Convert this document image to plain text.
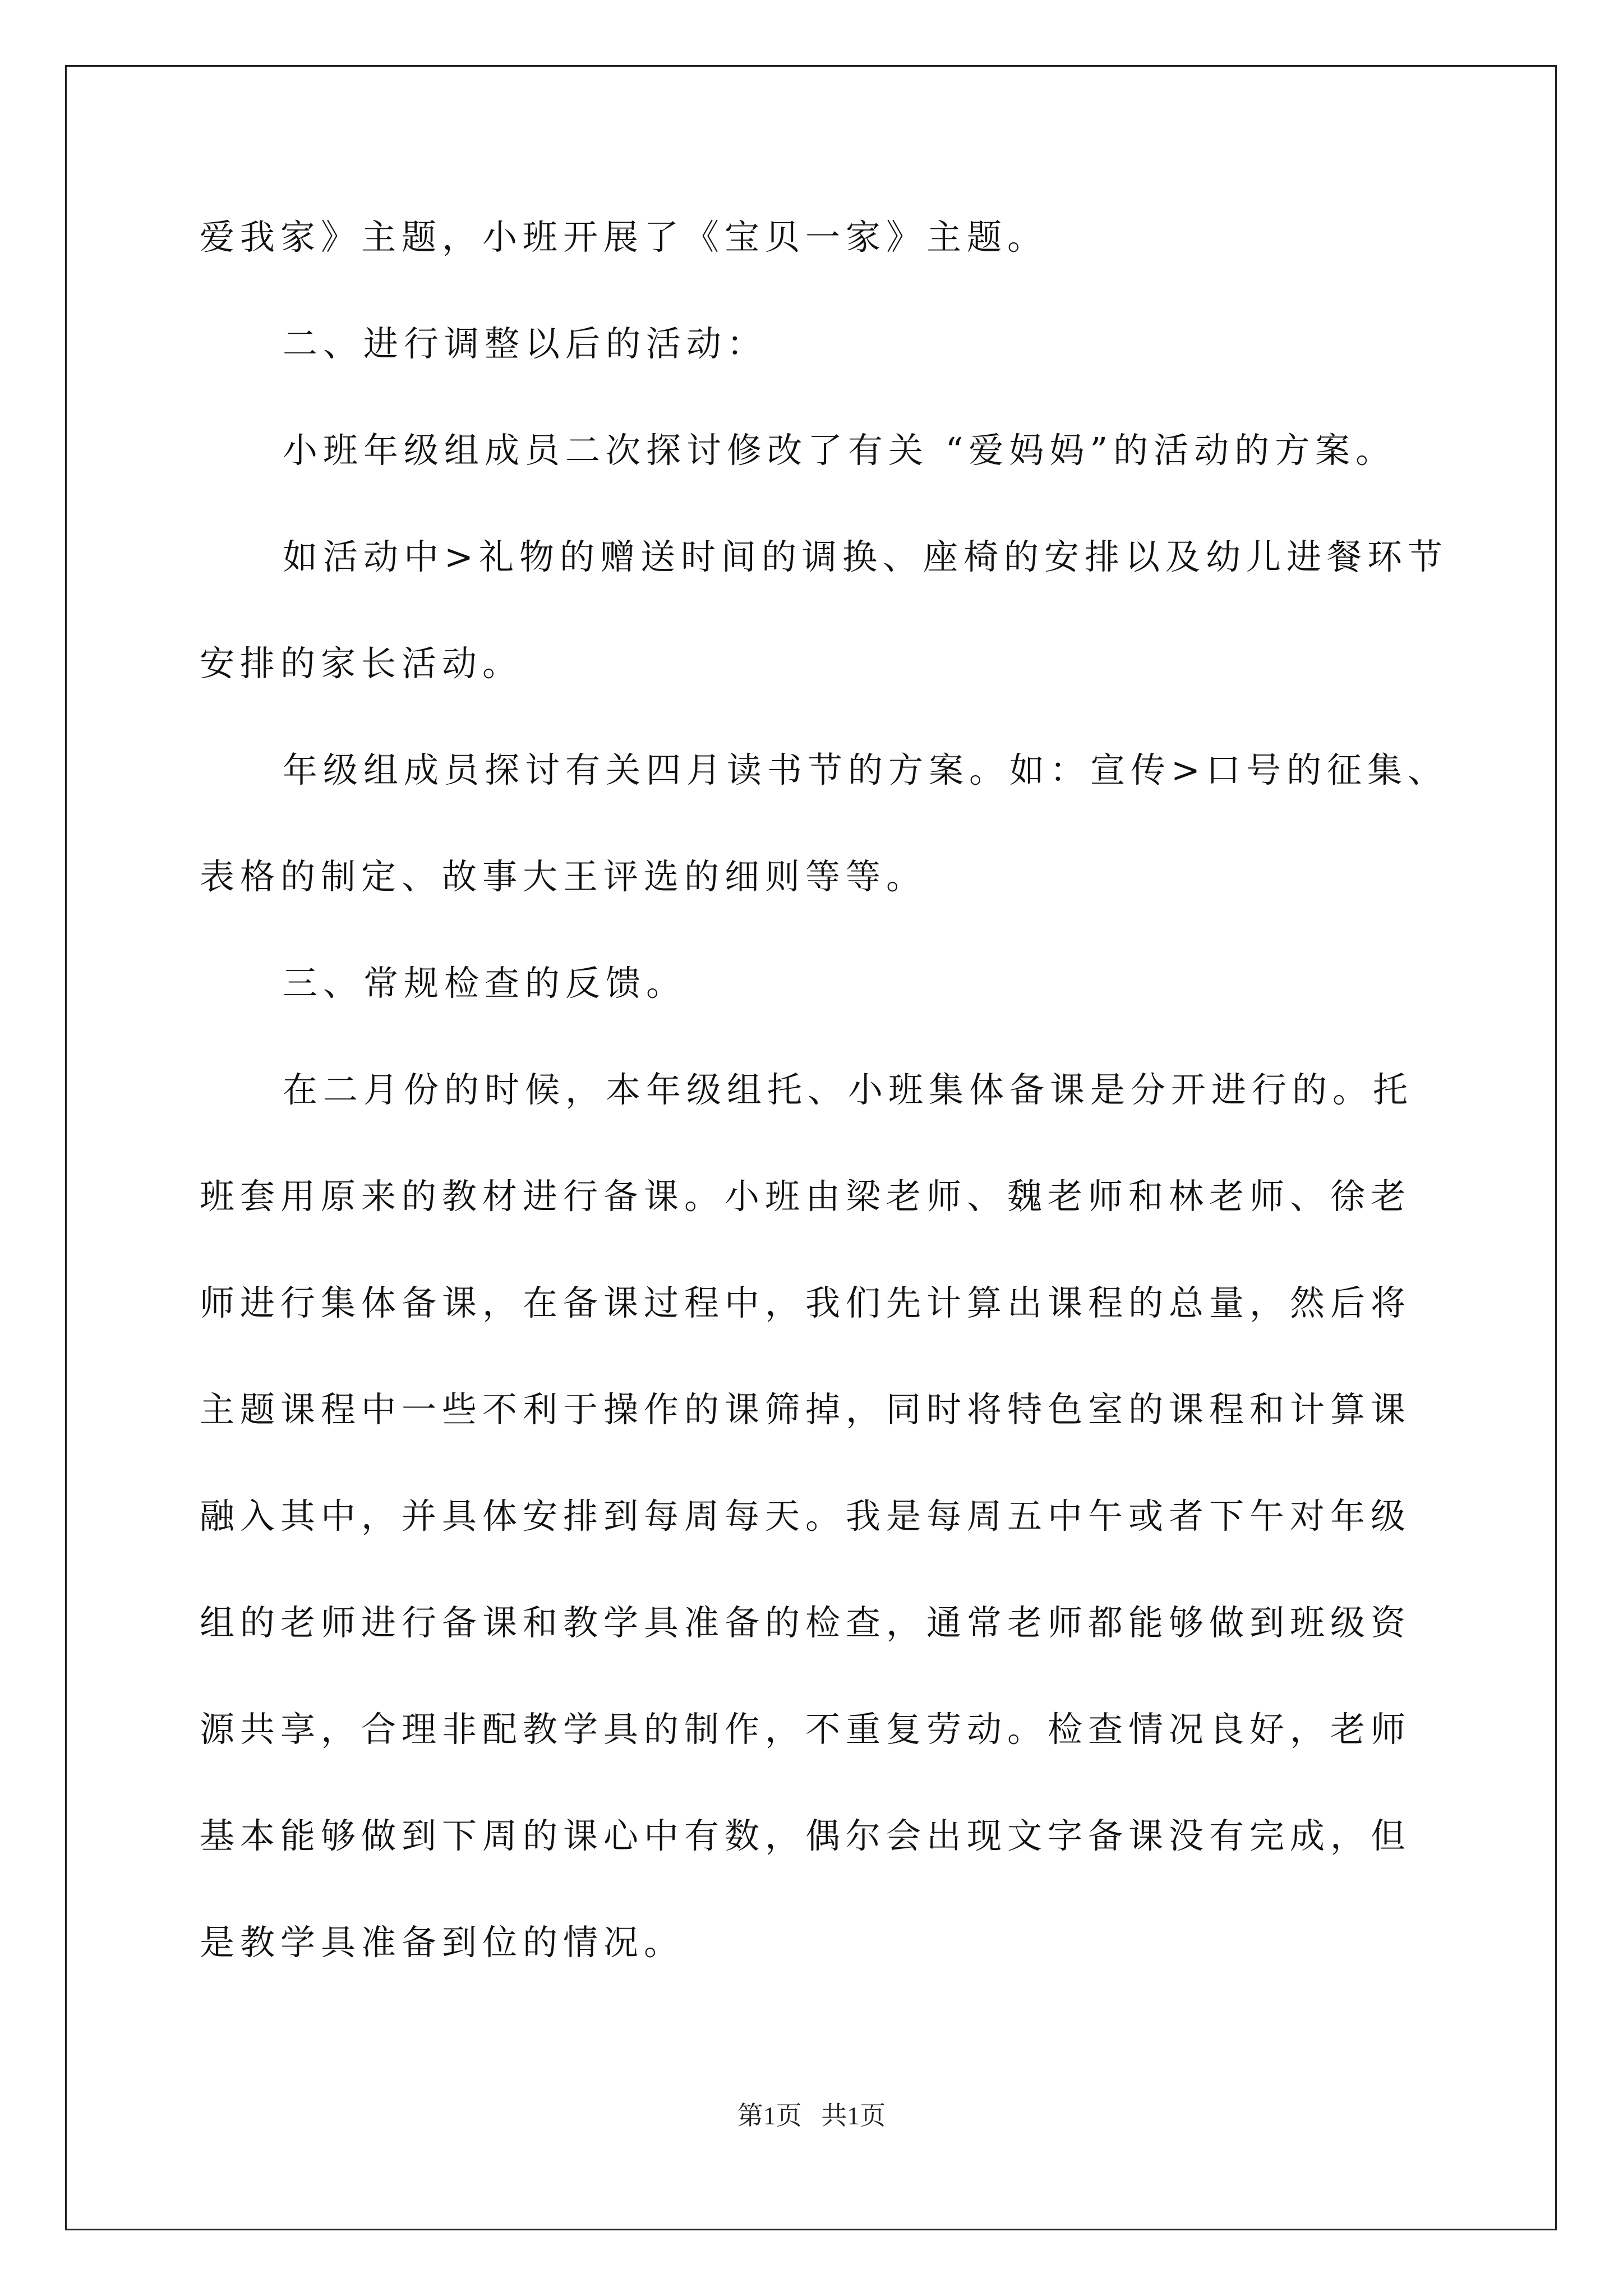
爱我家》主题，小班开展了《宝贝一家》主题。
二、进行调整以后的活动：
小班年级组成员二次探讨修改了有关 “爱妈妈”的活动的方案。
如活动中>礼物的赠送时间的调换、座椅的安排以及幼儿进餐环节
安排的家长活动。
年级组成员探讨有关四月读书节的方案。如：宣传>口号的征集、
表格的制定、故事大王评选的细则等等。
三、常规检查的反馈。
在二月份的时候，本年级组托、小班集体备课是分开进行的。托
班套用原来的教材进行备课。小班由梁老师、魏老师和林老师、徐老
师进行集体备课，在备课过程中，我们先计算出课程的总量，然后将
主题课程中一些不利于操作的课筛掉，同时将特色室的课程和计算课
融入其中，并具体安排到每周每天。我是每周五中午或者下午对年级
组的老师进行备课和教学具准备的检查，通常老师都能够做到班级资
源共享，合理非配教学具的制作，不重复劳动。检查情况良好，老师
基本能够做到下周的课心中有数，偶尔会出现文字备课没有完成，但
是教学具准备到位的情况。
第1页   共1页
